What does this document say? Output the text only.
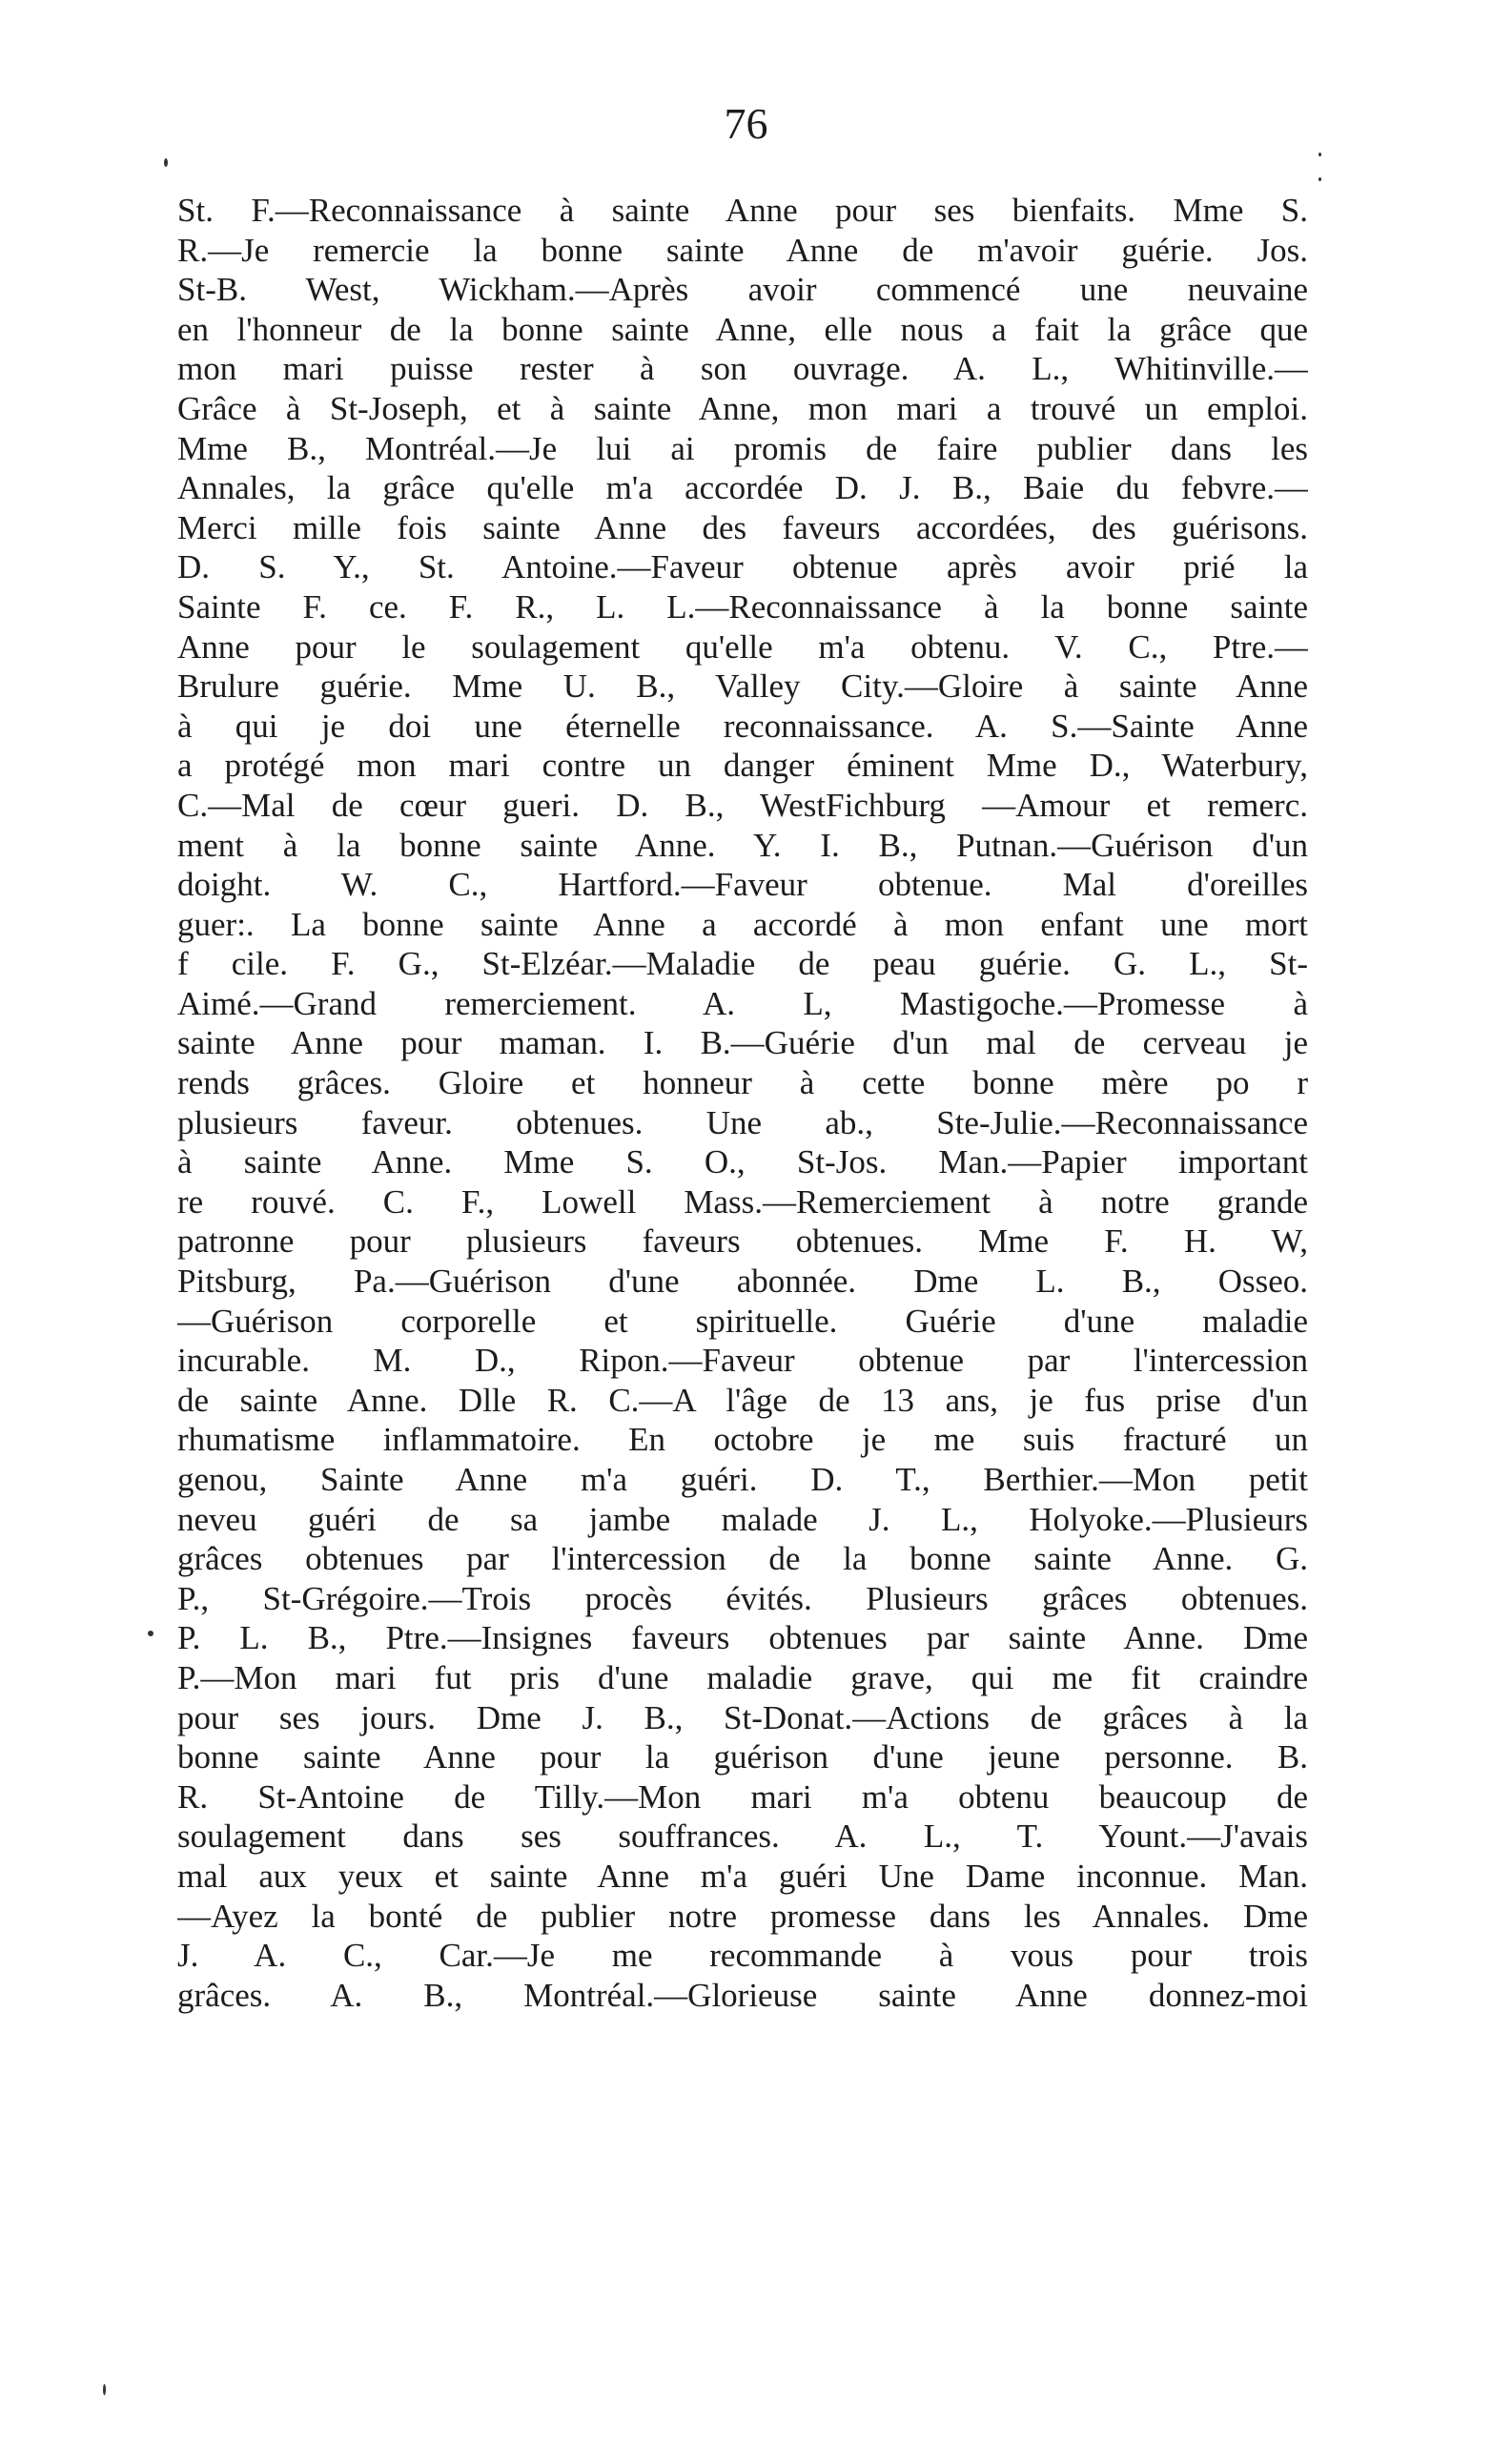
76
St. F.—Reconnaissance à sainte Anne pour ses bienfaits. Mme S.
R.—Je remercie la bonne sainte Anne de m'avoir guérie. Jos.
St-B. West, Wickham.—Après avoir commencé une neuvaine
en l'honneur de la bonne sainte Anne, elle nous a fait la grâce que
mon mari puisse rester à son ouvrage. A. L., Whitinville.—
Grâce à St-Joseph, et à sainte Anne, mon mari a trouvé un emploi.
Mme B., Montréal.—Je lui ai promis de faire publier dans les
Annales, la grâce qu'elle m'a accordée D. J. B., Baie du febvre.—
Merci mille fois sainte Anne des faveurs accordées, des guérisons.
D. S. Y., St. Antoine.—Faveur obtenue après avoir prié la
Sainte F. ce. F. R., L. L.—Reconnaissance à la bonne sainte
Anne pour le soulagement qu'elle m'a obtenu. V. C., Ptre.—
Brulure guérie. Mme U. B., Valley City.—Gloire à sainte Anne
à qui je doi une éternelle reconnaissance. A. S.—Sainte Anne
a protégé mon mari contre un danger éminent Mme D., Waterbury,
C.—Mal de cœur gueri. D. B., WestFichburg —Amour et remerc.
ment à la bonne sainte Anne. Y. I. B., Putnan.—Guérison d'un
doight. W. C., Hartford.—Faveur obtenue. Mal d'oreilles
guer:. La bonne sainte Anne a accordé à mon enfant une mort
f cile. F. G., St-Elzéar.—Maladie de peau guérie. G. L., St-
Aimé.—Grand remerciement. A. L, Mastigoche.—Promesse à
sainte Anne pour maman. I. B.—Guérie d'un mal de cerveau je
rends grâces. Gloire et honneur à cette bonne mère po r
plusieurs faveur. obtenues. Une ab., Ste-Julie.—Reconnaissance
à sainte Anne. Mme S. O., St-Jos. Man.—Papier important
re rouvé. C. F., Lowell Mass.—Remerciement à notre grande
patronne pour plusieurs faveurs obtenues. Mme F. H. W,
Pitsburg, Pa.—Guérison d'une abonnée. Dme L. B., Osseo.
—Guérison corporelle et spirituelle. Guérie d'une maladie
incurable. M. D., Ripon.—Faveur obtenue par l'intercession
de sainte Anne. Dlle R. C.—A l'âge de 13 ans, je fus prise d'un
rhumatisme inflammatoire. En octobre je me suis fracturé un
genou, Sainte Anne m'a guéri. D. T., Berthier.—Mon petit
neveu guéri de sa jambe malade J. L., Holyoke.—Plusieurs
grâces obtenues par l'intercession de la bonne sainte Anne. G.
P., St-Grégoire.—Trois procès évités. Plusieurs grâces obtenues.
P. L. B., Ptre.—Insignes faveurs obtenues par sainte Anne. Dme
P.—Mon mari fut pris d'une maladie grave, qui me fit craindre
pour ses jours. Dme J. B., St-Donat.—Actions de grâces à la
bonne sainte Anne pour la guérison d'une jeune personne. B.
R. St-Antoine de Tilly.—Mon mari m'a obtenu beaucoup de
soulagement dans ses souffrances. A. L., T. Yount.—J'avais
mal aux yeux et sainte Anne m'a guéri Une Dame inconnue. Man.
—Ayez la bonté de publier notre promesse dans les Annales. Dme
J. A. C., Car.—Je me recommande à vous pour trois
grâces. A. B., Montréal.—Glorieuse sainte Anne donnez-moi
